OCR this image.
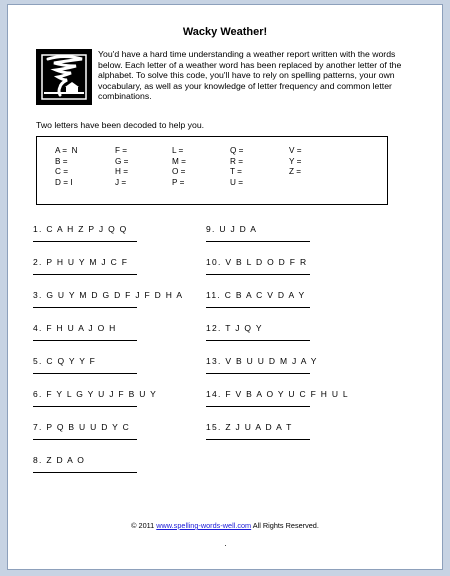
Wacky Weather!
You'd have a hard time understanding a weather report written with the words below. Each letter of a weather word has been replaced by another letter of the alphabet. To solve this code, you'll have to rely on spelling patterns, your own vocabulary, as well as your knowledge of letter frequency and common letter combinations.
Two letters have been decoded to help you.
A =  N
B =
C =
D = I
F =
G =
H =
J =
L =
M =
O =
P =
Q =
R =
T =
U =
V =
Y =
Z =
1. C A H Z P J Q Q
2. P H U Y M J C F
3. G U Y M D G D F J F D H A
4. F H U A J O H
5. C Q Y Y F
6. F Y L G Y U J F B U Y
7. P Q B U U D Y C
8. Z D A O
9. U J D A
10. V B L D O D F R
11. C B A C V D A Y
12. T J Q Y
13. V B U U D M J A Y
14. F V B A O Y U C F H U L
15. Z J U A D A T
© 2011 www.spelling-words-well.com All Rights Reserved.
